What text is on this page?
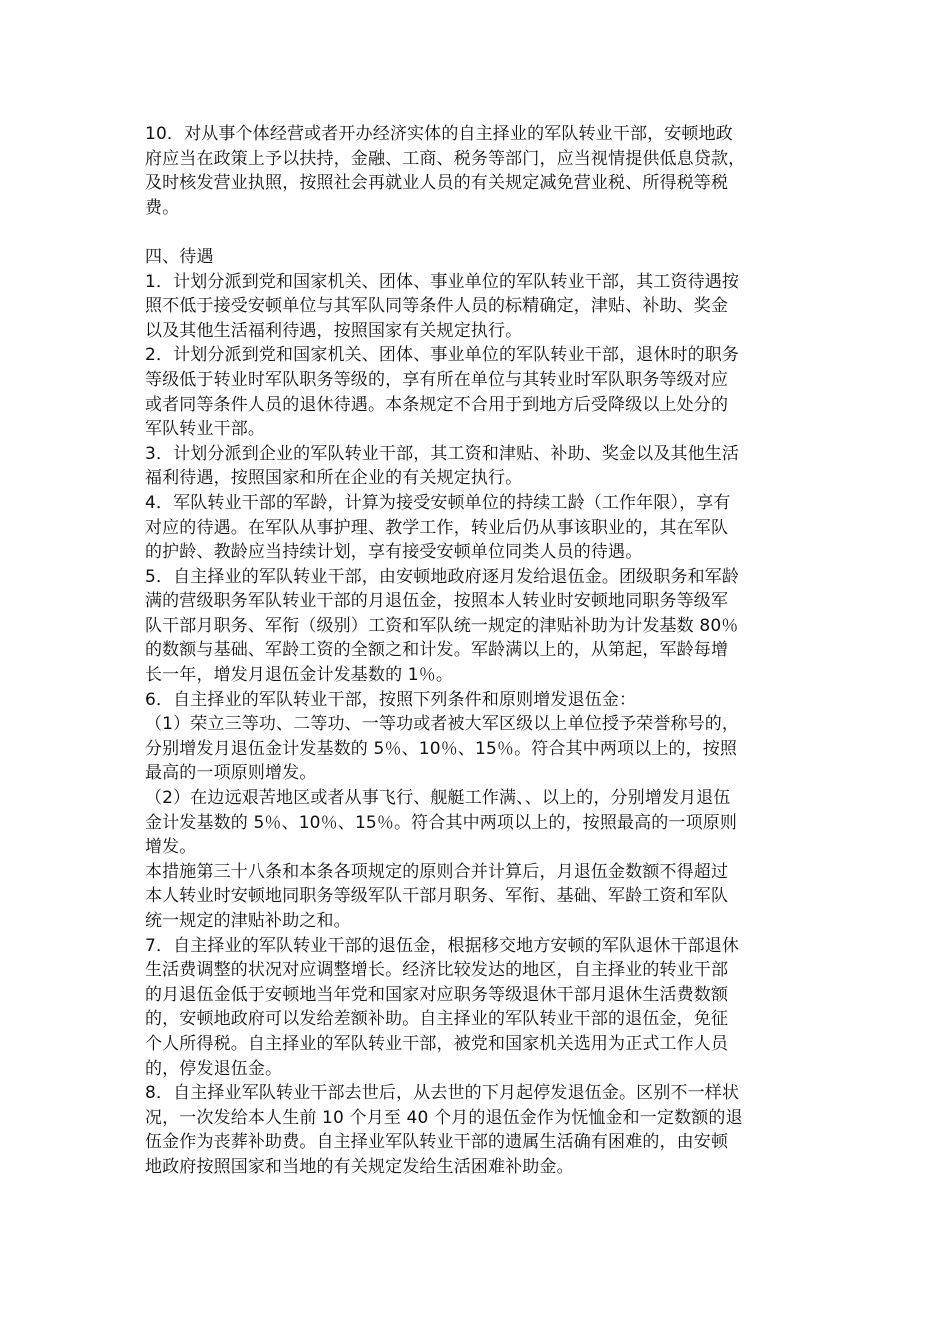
10．对从事个体经营或者开办经济实体的自主择业的军队转业干部，安顿地政
府应当在政策上予以扶持，金融、工商、税务等部门，应当视情提供低息贷款，
及时核发营业执照，按照社会再就业人员的有关规定减免营业税、所得税等税
费。
四、待遇
1．计划分派到党和国家机关、团体、事业单位的军队转业干部，其工资待遇按
照不低于接受安顿单位与其军队同等条件人员的标精确定，津贴、补助、奖金
以及其他生活福利待遇，按照国家有关规定执行。
2．计划分派到党和国家机关、团体、事业单位的军队转业干部，退休时的职务
等级低于转业时军队职务等级的，享有所在单位与其转业时军队职务等级对应
或者同等条件人员的退休待遇。本条规定不合用于到地方后受降级以上处分的
军队转业干部。
3．计划分派到企业的军队转业干部，其工资和津贴、补助、奖金以及其他生活
福利待遇，按照国家和所在企业的有关规定执行。
4．军队转业干部的军龄，计算为接受安顿单位的持续工龄（工作年限），享有
对应的待遇。在军队从事护理、教学工作，转业后仍从事该职业的，其在军队
的护龄、教龄应当持续计划，享有接受安顿单位同类人员的待遇。
5．自主择业的军队转业干部，由安顿地政府逐月发给退伍金。团级职务和军龄
满的营级职务军队转业干部的月退伍金，按照本人转业时安顿地同职务等级军
队干部月职务、军衔（级别）工资和军队统一规定的津贴补助为计发基数 80％
的数额与基础、军龄工资的全额之和计发。军龄满以上的，从第起，军龄每增
长一年，增发月退伍金计发基数的 1％。
6．自主择业的军队转业干部，按照下列条件和原则增发退伍金：
（1）荣立三等功、二等功、一等功或者被大军区级以上单位授予荣誉称号的，
分别增发月退伍金计发基数的 5％、10％、15％。符合其中两项以上的，按照
最高的一项原则增发。
（2）在边远艰苦地区或者从事飞行、舰艇工作满、、以上的，分别增发月退伍
金计发基数的 5％、10％、15％。符合其中两项以上的，按照最高的一项原则
增发。
本措施第三十八条和本条各项规定的原则合并计算后，月退伍金数额不得超过
本人转业时安顿地同职务等级军队干部月职务、军衔、基础、军龄工资和军队
统一规定的津贴补助之和。
7．自主择业的军队转业干部的退伍金，根据移交地方安顿的军队退休干部退休
生活费调整的状况对应调整增长。经济比较发达的地区，自主择业的转业干部
的月退伍金低于安顿地当年党和国家对应职务等级退休干部月退休生活费数额
的，安顿地政府可以发给差额补助。自主择业的军队转业干部的退伍金，免征
个人所得税。自主择业的军队转业干部，被党和国家机关选用为正式工作人员
的，停发退伍金。
8．自主择业军队转业干部去世后，从去世的下月起停发退伍金。区别不一样状
况，一次发给本人生前 10 个月至 40 个月的退伍金作为怃恤金和一定数额的退
伍金作为丧葬补助费。自主择业军队转业干部的遗属生活确有困难的，由安顿
地政府按照国家和当地的有关规定发给生活困难补助金。
